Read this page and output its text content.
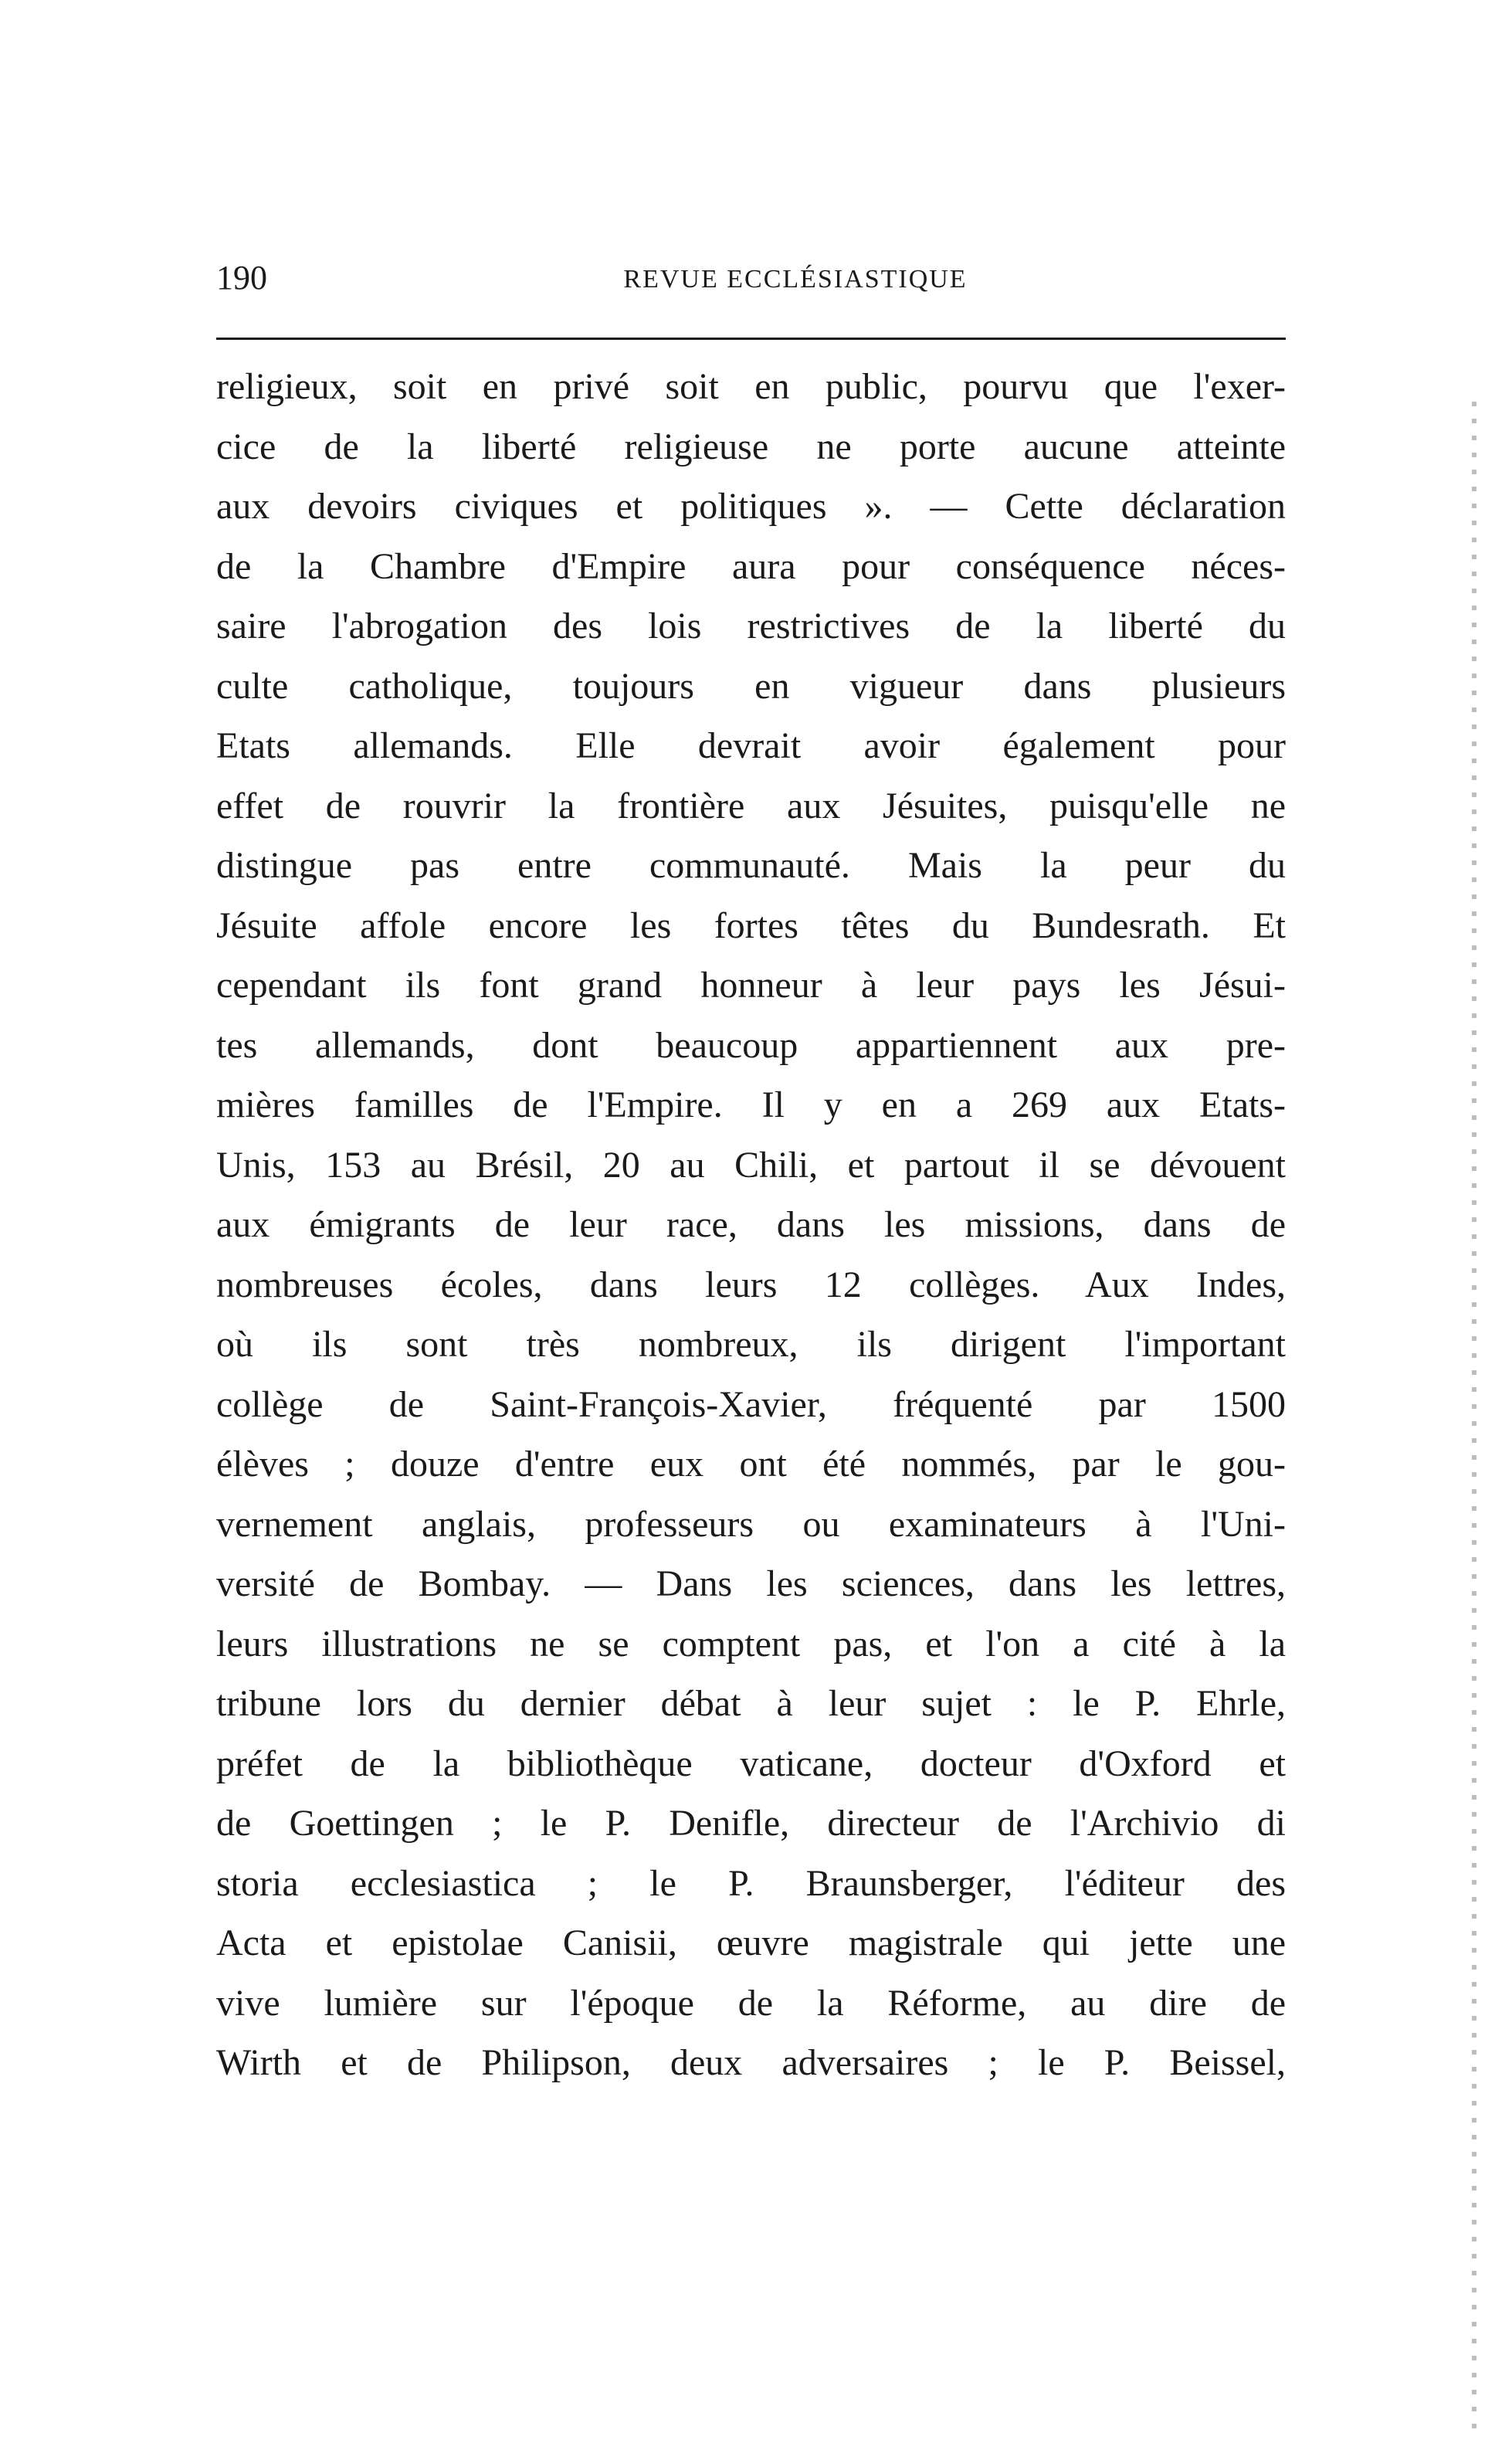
190	REVUE ECCLÉSIASTIQUE
religieux, soit en privé soit en public, pourvu que l'exer-
cice de la liberté religieuse ne porte aucune atteinte
aux devoirs civiques et politiques ». — Cette déclaration
de la Chambre d'Empire aura pour conséquence néces-
saire l'abrogation des lois restrictives de la liberté du
culte catholique, toujours en vigueur dans plusieurs
Etats allemands. Elle devrait avoir également pour
effet de rouvrir la frontière aux Jésuites, puisqu'elle ne
distingue pas entre communauté. Mais la peur du
Jésuite affole encore les fortes têtes du Bundesrath. Et
cependant ils font grand honneur à leur pays les Jésui-
tes allemands, dont beaucoup appartiennent aux pre-
mières familles de l'Empire. Il y en a 269 aux Etats-
Unis, 153 au Brésil, 20 au Chili, et partout il se dévouent
aux émigrants de leur race, dans les missions, dans de
nombreuses écoles, dans leurs 12 collèges. Aux Indes,
où ils sont très nombreux, ils dirigent l'important
collège de Saint-François-Xavier, fréquenté par 1500
élèves ; douze d'entre eux ont été nommés, par le gou-
vernement anglais, professeurs ou examinateurs à l'Uni-
versité de Bombay. — Dans les sciences, dans les lettres,
leurs illustrations ne se comptent pas, et l'on a cité à la
tribune lors du dernier débat à leur sujet : le P. Ehrle,
préfet de la bibliothèque vaticane, docteur d'Oxford et
de Goettingen ; le P. Denifle, directeur de l'Archivio di
storia ecclesiastica ; le P. Braunsberger, l'éditeur des
Acta et epistolae Canisii, œuvre magistrale qui jette une
vive lumière sur l'époque de la Réforme, au dire de
Wirth et de Philipson, deux adversaires ; le P. Beissel,
